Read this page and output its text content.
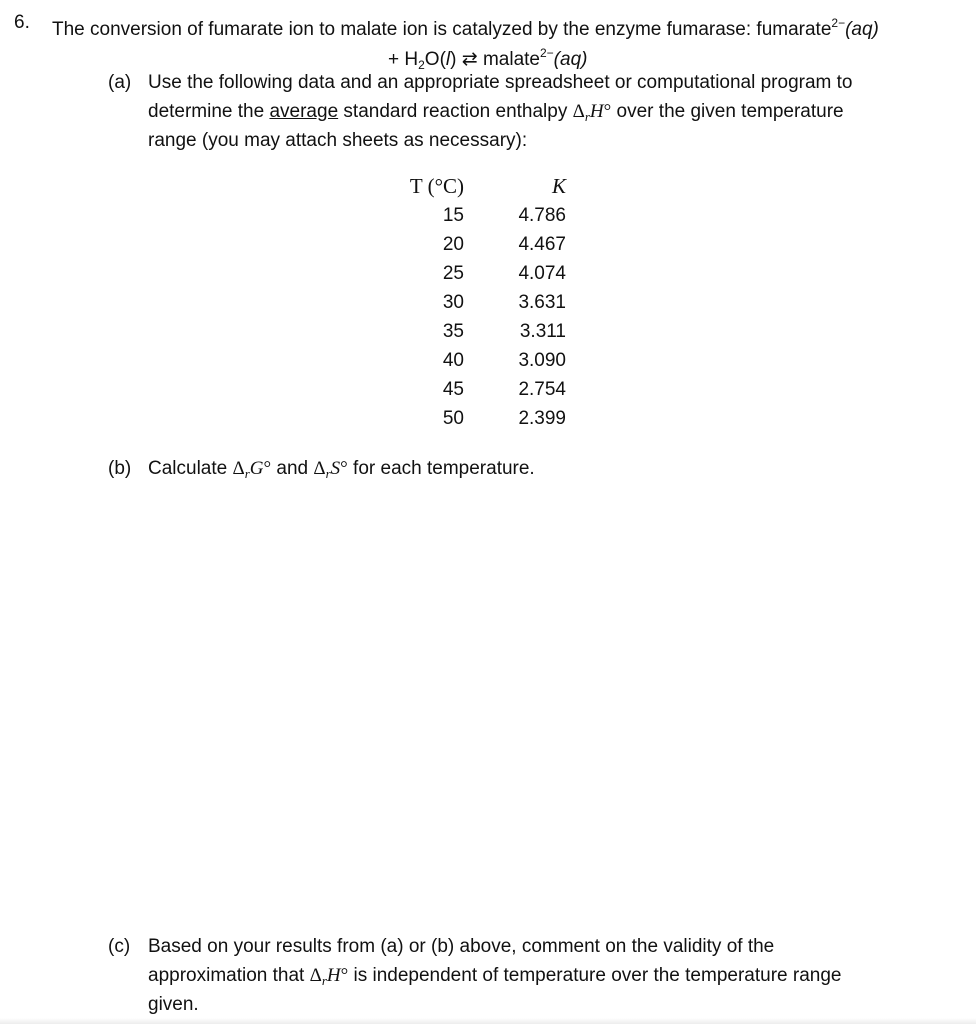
6. The conversion of fumarate ion to malate ion is catalyzed by the enzyme fumarase: fumarate$^{2-}$(aq)
+ $H_2O(l)$ ⇄ malate$^{2-}$(aq)
(a) Use the following data and an appropriate spreadsheet or computational program to
determine the average standard reaction enthalpy $\Delta_rH^\circ$ over the given temperature
range (you may attach sheets as necessary):
T (°C)	K
15	4.786
20	4.467
25	4.074
30	3.631
35	3.311
40	3.090
45	2.754
50	2.399
(b) Calculate $\Delta_rG^\circ$ and $\Delta_rS^\circ$ for each temperature.
(c) Based on your results from (a) or (b) above, comment on the validity of the
approximation that $\Delta_rH^\circ$ is independent of temperature over the temperature range
given.
